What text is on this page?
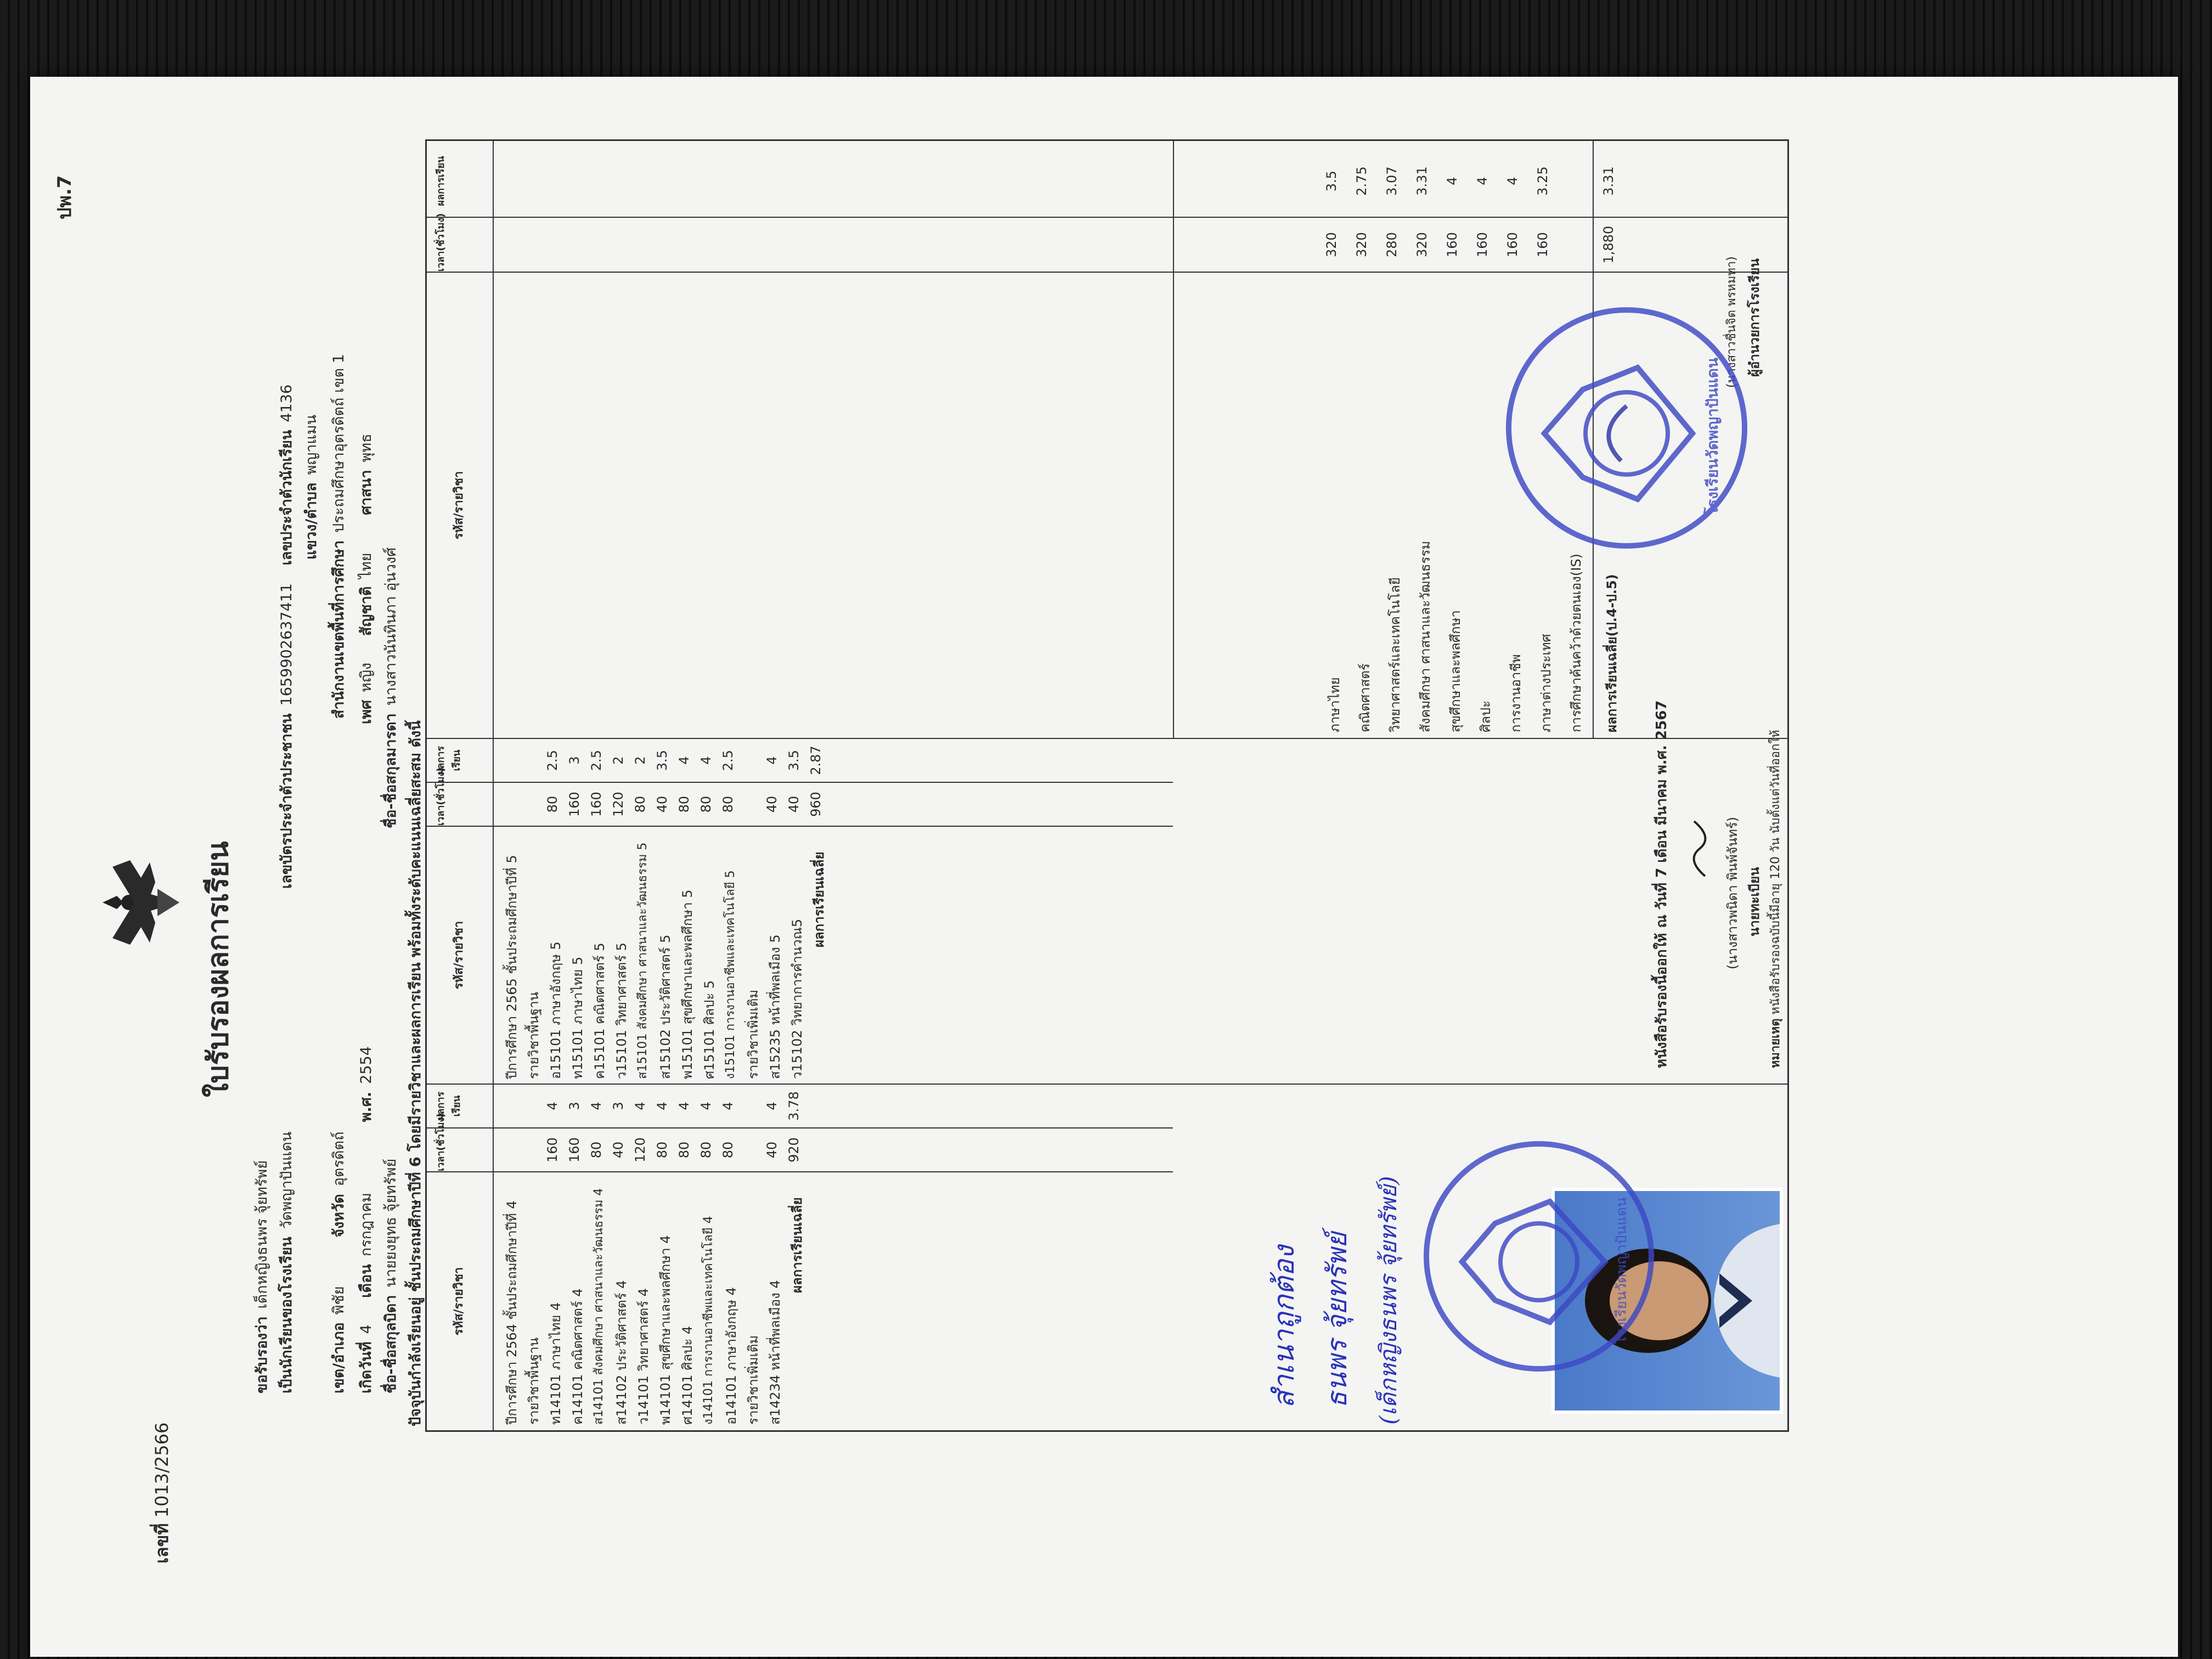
ปพ.7
เลขที่ 1013/2566
ใบรับรองผลการเรียน
ขอรับรองว่าเด็กหญิงธนพร จุ้ยทรัพย์
เป็นนักเรียนของโรงเรียนวัดพญาปันแดน
เลขบัตรประจำตัวประชาชน1659902637411 เลขประจำตัวนักเรียน4136
แขวง/ตำบลพญาแมน
เขต/อำเภอพิชัย จังหวัดอุตรดิตถ์
สำนักงานเขตพื้นที่การศึกษาประถมศึกษาอุตรดิตถ์ เขต 1
เกิดวันที่4 เดือนกรกฎาคม พ.ศ.2554
เพศหญิง สัญชาติไทย ศาสนาพุทธ
ชื่อ-ชื่อสกุลบิดานายยงยุทธ จุ้ยทรัพย์
ชื่อ-ชื่อสกุลมารดานางสาวนันทินภา อุ่นวงศ์
ปัจจุบันกำลังเรียนอยู่ ชั้นประถมศึกษาปีที่ 6 โดยมีรายวิชาและผลการเรียน พร้อมทั้งระดับคะแนนเฉลี่ยสะสม ดังนี้ รหัส/รายวิชา
เวลา(ชั่วโมง)
ผลการเรียน
รหัส/รายวิชา
เวลา(ชั่วโมง)
ผลการเรียน
รหัส/รายวิชา
เวลา(ชั่วโมง)
ผลการเรียน
ปีการศึกษา 2564 ชั้นประถมศึกษาปีที่ 4 รายวิชาพื้นฐาน ท14101 ภาษาไทย 4
160
4
ค14101 คณิตศาสตร์ 4
160
3
ส14101 สังคมศึกษา ศาสนาและวัฒนธรรม 4
80
4
ส14102 ประวัติศาสตร์ 4
40
3
ว14101 วิทยาศาสตร์ 4
120
4
พ14101 สุขศึกษาและพลศึกษา 4
80
4
ศ14101 ศิลปะ 4
80
4
ง14101 การงานอาชีพและเทคโนโลยี 4
80
4
อ14101 ภาษาอังกฤษ 4
80
4
รายวิชาเพิ่มเติม ส14234 หน้าที่พลเมือง 4
40
4
ผลการเรียนเฉลี่ย
920
3.78
ปีการศึกษา 2565 ชั้นประถมศึกษาปีที่ 5 รายวิชาพื้นฐาน อ15101 ภาษาอังกฤษ 5
80
2.5
ท15101 ภาษาไทย 5
160
3
ค15101 คณิตศาสตร์ 5
160
2.5
ว15101 วิทยาศาสตร์ 5
120
2
ส15101 สังคมศึกษา ศาสนาและวัฒนธรรม 5
80
2
ส15102 ประวัติศาสตร์ 5
40
3.5
พ15101 สุขศึกษาและพลศึกษา 5
80
4
ศ15101 ศิลปะ 5
80
4
ง15101 การงานอาชีพและเทคโนโลยี 5
80
2.5
รายวิชาเพิ่มเติม ส15235 หน้าที่พลเมือง 5
40
4
ว15102 วิทยาการคำนวณ5
40
3.5
ผลการเรียนเฉลี่ย
960
2.87
ภาษาไทย
320
3.5
คณิตศาสตร์
320
2.75
วิทยาศาสตร์และเทคโนโลยี
280
3.07
สังคมศึกษา ศาสนาและวัฒนธรรม
320
3.31
สุขศึกษาและพลศึกษา
160
4
ศิลปะ
160
4
การงานอาชีพ
160
4
ภาษาต่างประเทศ
160
3.25
การศึกษาค้นคว้าด้วยตนเอง(IS) ผลการเรียนเฉลี่ย(ป.4-ป.5)
1,880
3.31
สำเนาถูกต้อง ธนพร จุ้ยทรัพย์ (เด็กหญิงธนพร จุ้ยทรัพย์)
หนังสือรับรองนี้ออกให้ ณ วันที่ 7 เดือน มีนาคม พ.ศ. 2567	(นางสาวพนิดา พินพ์จันทร์) นายทะเบียน
หมายเหตุ หนังสือรับรองฉบับนี้มีอายุ 120 วัน นับตั้งแต่วันที่ออกให้
(นางสาวชื่นจิต พรหมทา) ผู้อำนวยการโรงเรียน
โรงเรียนวัดพญาปันแดน
โรงเรียนวัดพญาปันแดน
